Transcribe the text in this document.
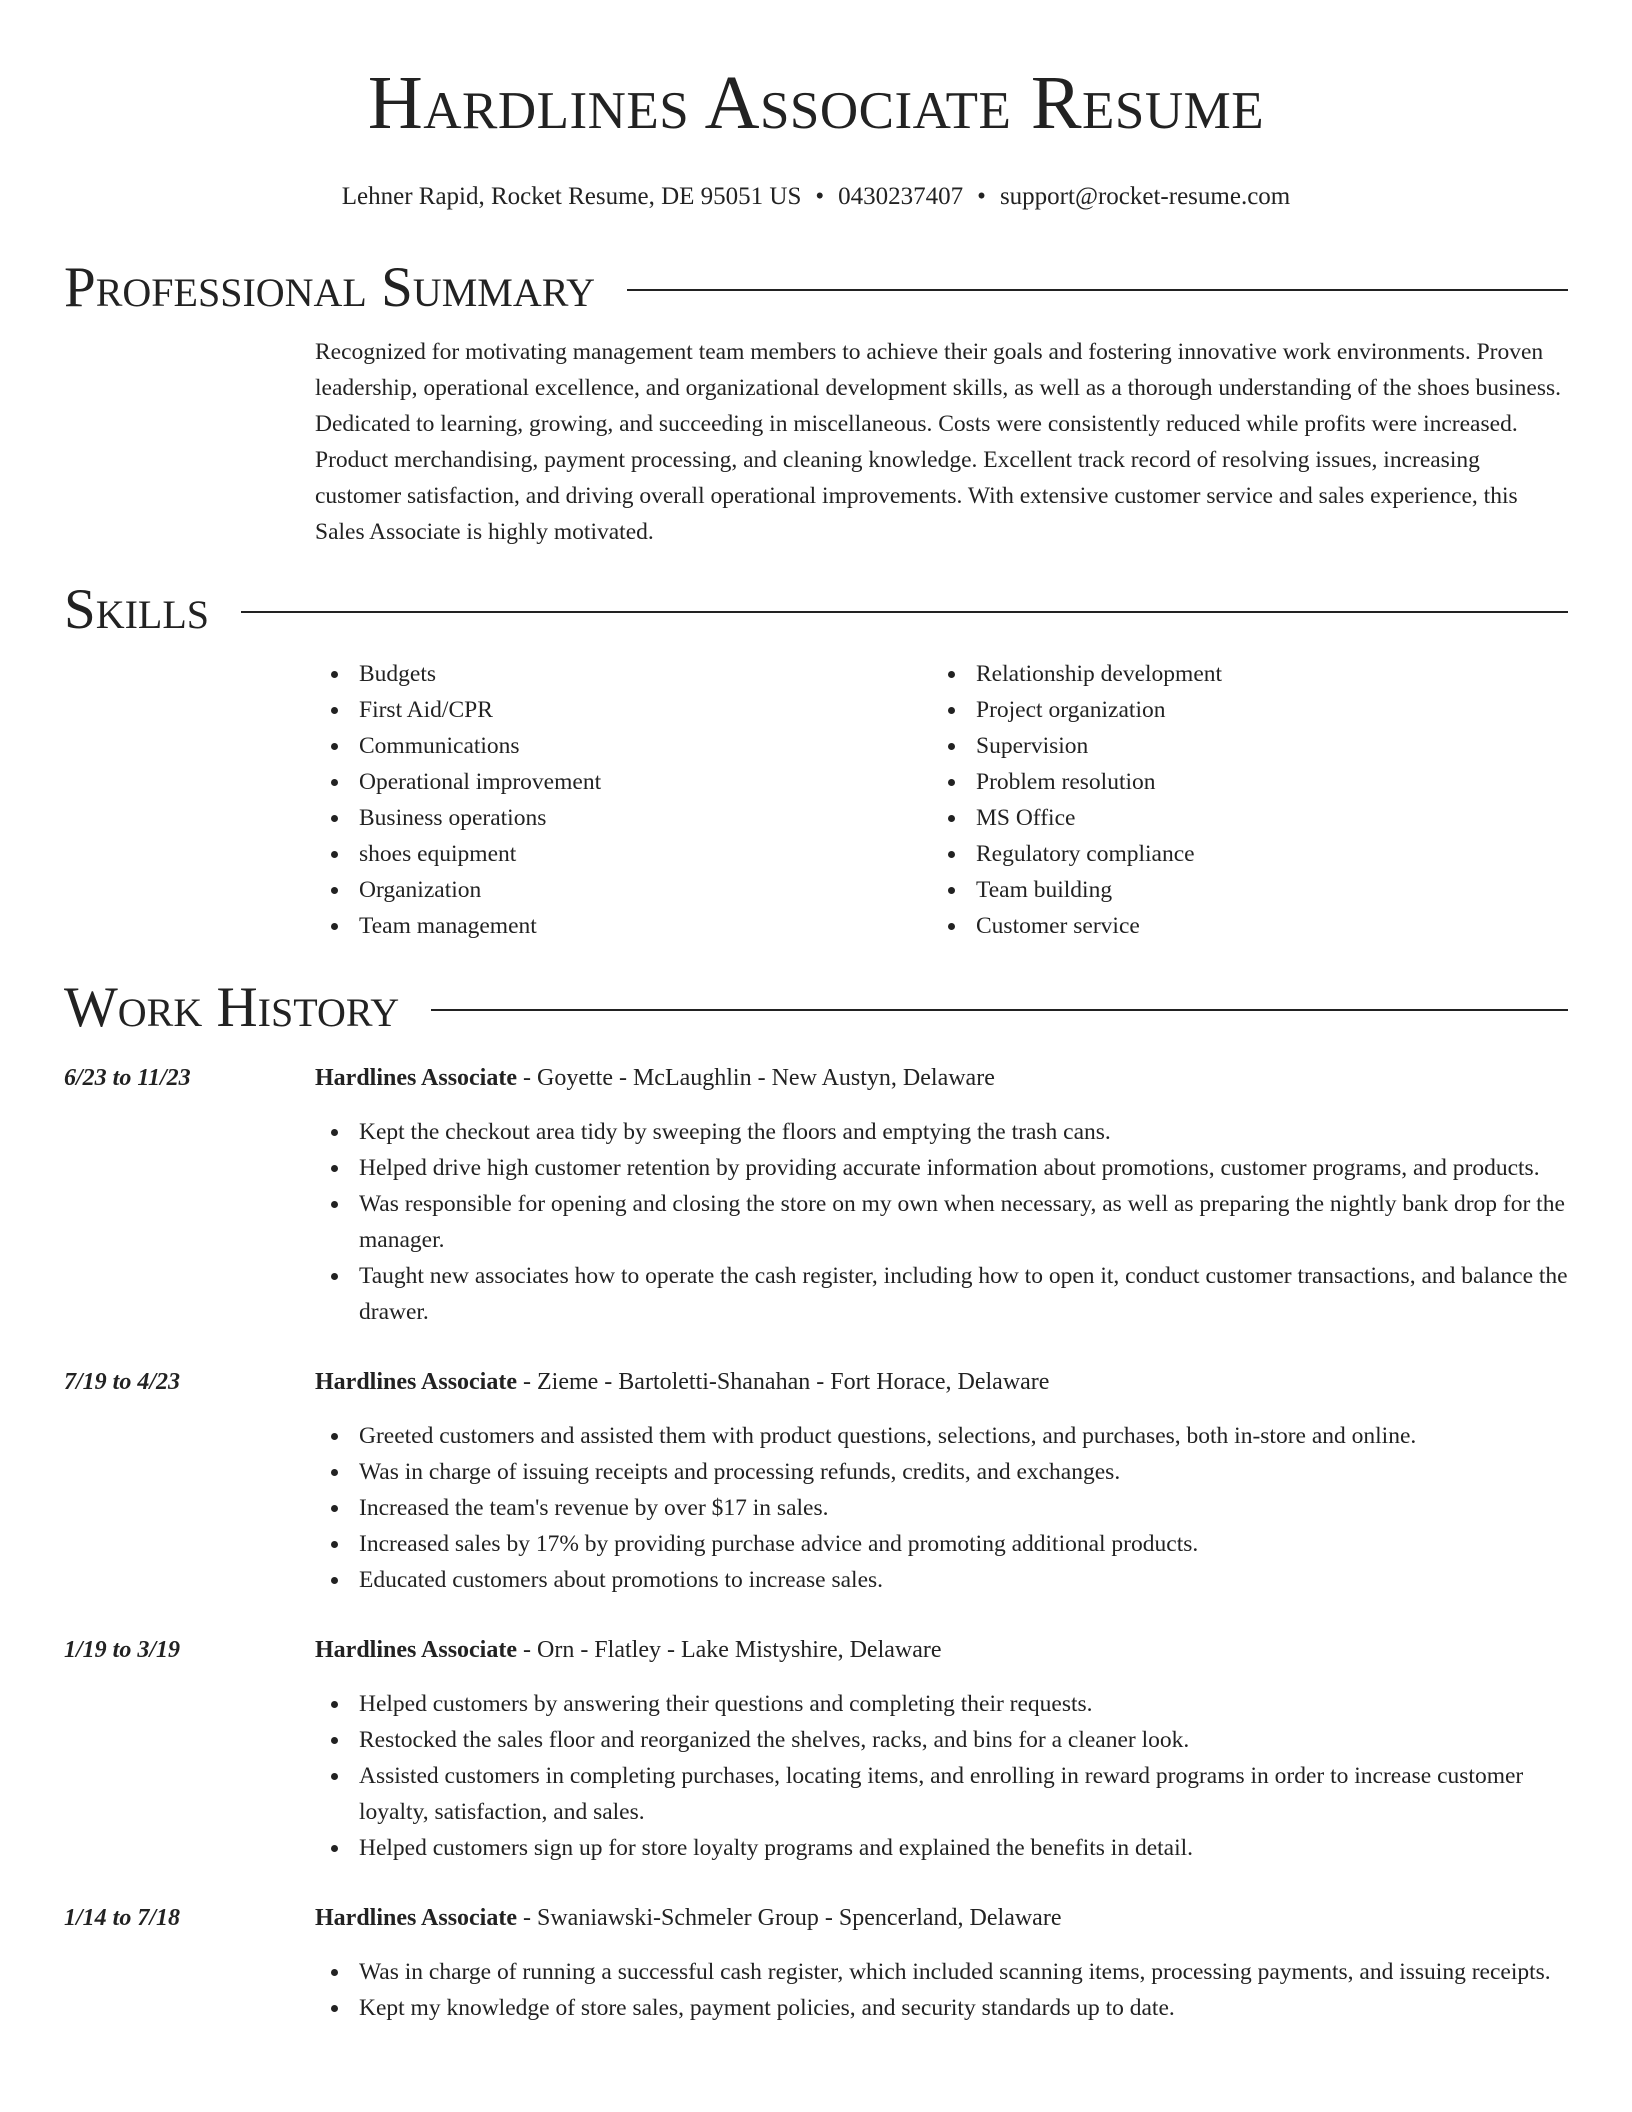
Hardlines Associate Resume
Lehner Rapid, Rocket Resume, DE 95051 US • 0430237407 • support@rocket-resume.com
Professional Summary
Recognized for motivating management team members to achieve their goals and fostering innovative work environments. Proven leadership, operational excellence, and organizational development skills, as well as a thorough understanding of the shoes business. Dedicated to learning, growing, and succeeding in miscellaneous. Costs were consistently reduced while profits were increased. Product merchandising, payment processing, and cleaning knowledge. Excellent track record of resolving issues, increasing customer satisfaction, and driving overall operational improvements. With extensive customer service and sales experience, this Sales Associate is highly motivated.
Skills
Budgets
First Aid/CPR
Communications
Operational improvement
Business operations
shoes equipment
Organization
Team management
Relationship development
Project organization
Supervision
Problem resolution
MS Office
Regulatory compliance
Team building
Customer service
Work History
6/23 to 11/23	Hardlines Associate - Goyette - McLaughlin - New Austyn, Delaware
Kept the checkout area tidy by sweeping the floors and emptying the trash cans.
Helped drive high customer retention by providing accurate information about promotions, customer programs, and products.
Was responsible for opening and closing the store on my own when necessary, as well as preparing the nightly bank drop for the manager.
Taught new associates how to operate the cash register, including how to open it, conduct customer transactions, and balance the drawer.
7/19 to 4/23	Hardlines Associate - Zieme - Bartoletti-Shanahan - Fort Horace, Delaware
Greeted customers and assisted them with product questions, selections, and purchases, both in-store and online.
Was in charge of issuing receipts and processing refunds, credits, and exchanges.
Increased the team's revenue by over $17 in sales.
Increased sales by 17% by providing purchase advice and promoting additional products.
Educated customers about promotions to increase sales.
1/19 to 3/19	Hardlines Associate - Orn - Flatley - Lake Mistyshire, Delaware
Helped customers by answering their questions and completing their requests.
Restocked the sales floor and reorganized the shelves, racks, and bins for a cleaner look.
Assisted customers in completing purchases, locating items, and enrolling in reward programs in order to increase customer loyalty, satisfaction, and sales.
Helped customers sign up for store loyalty programs and explained the benefits in detail.
1/14 to 7/18	Hardlines Associate - Swaniawski-Schmeler Group - Spencerland, Delaware
Was in charge of running a successful cash register, which included scanning items, processing payments, and issuing receipts.
Kept my knowledge of store sales, payment policies, and security standards up to date.
